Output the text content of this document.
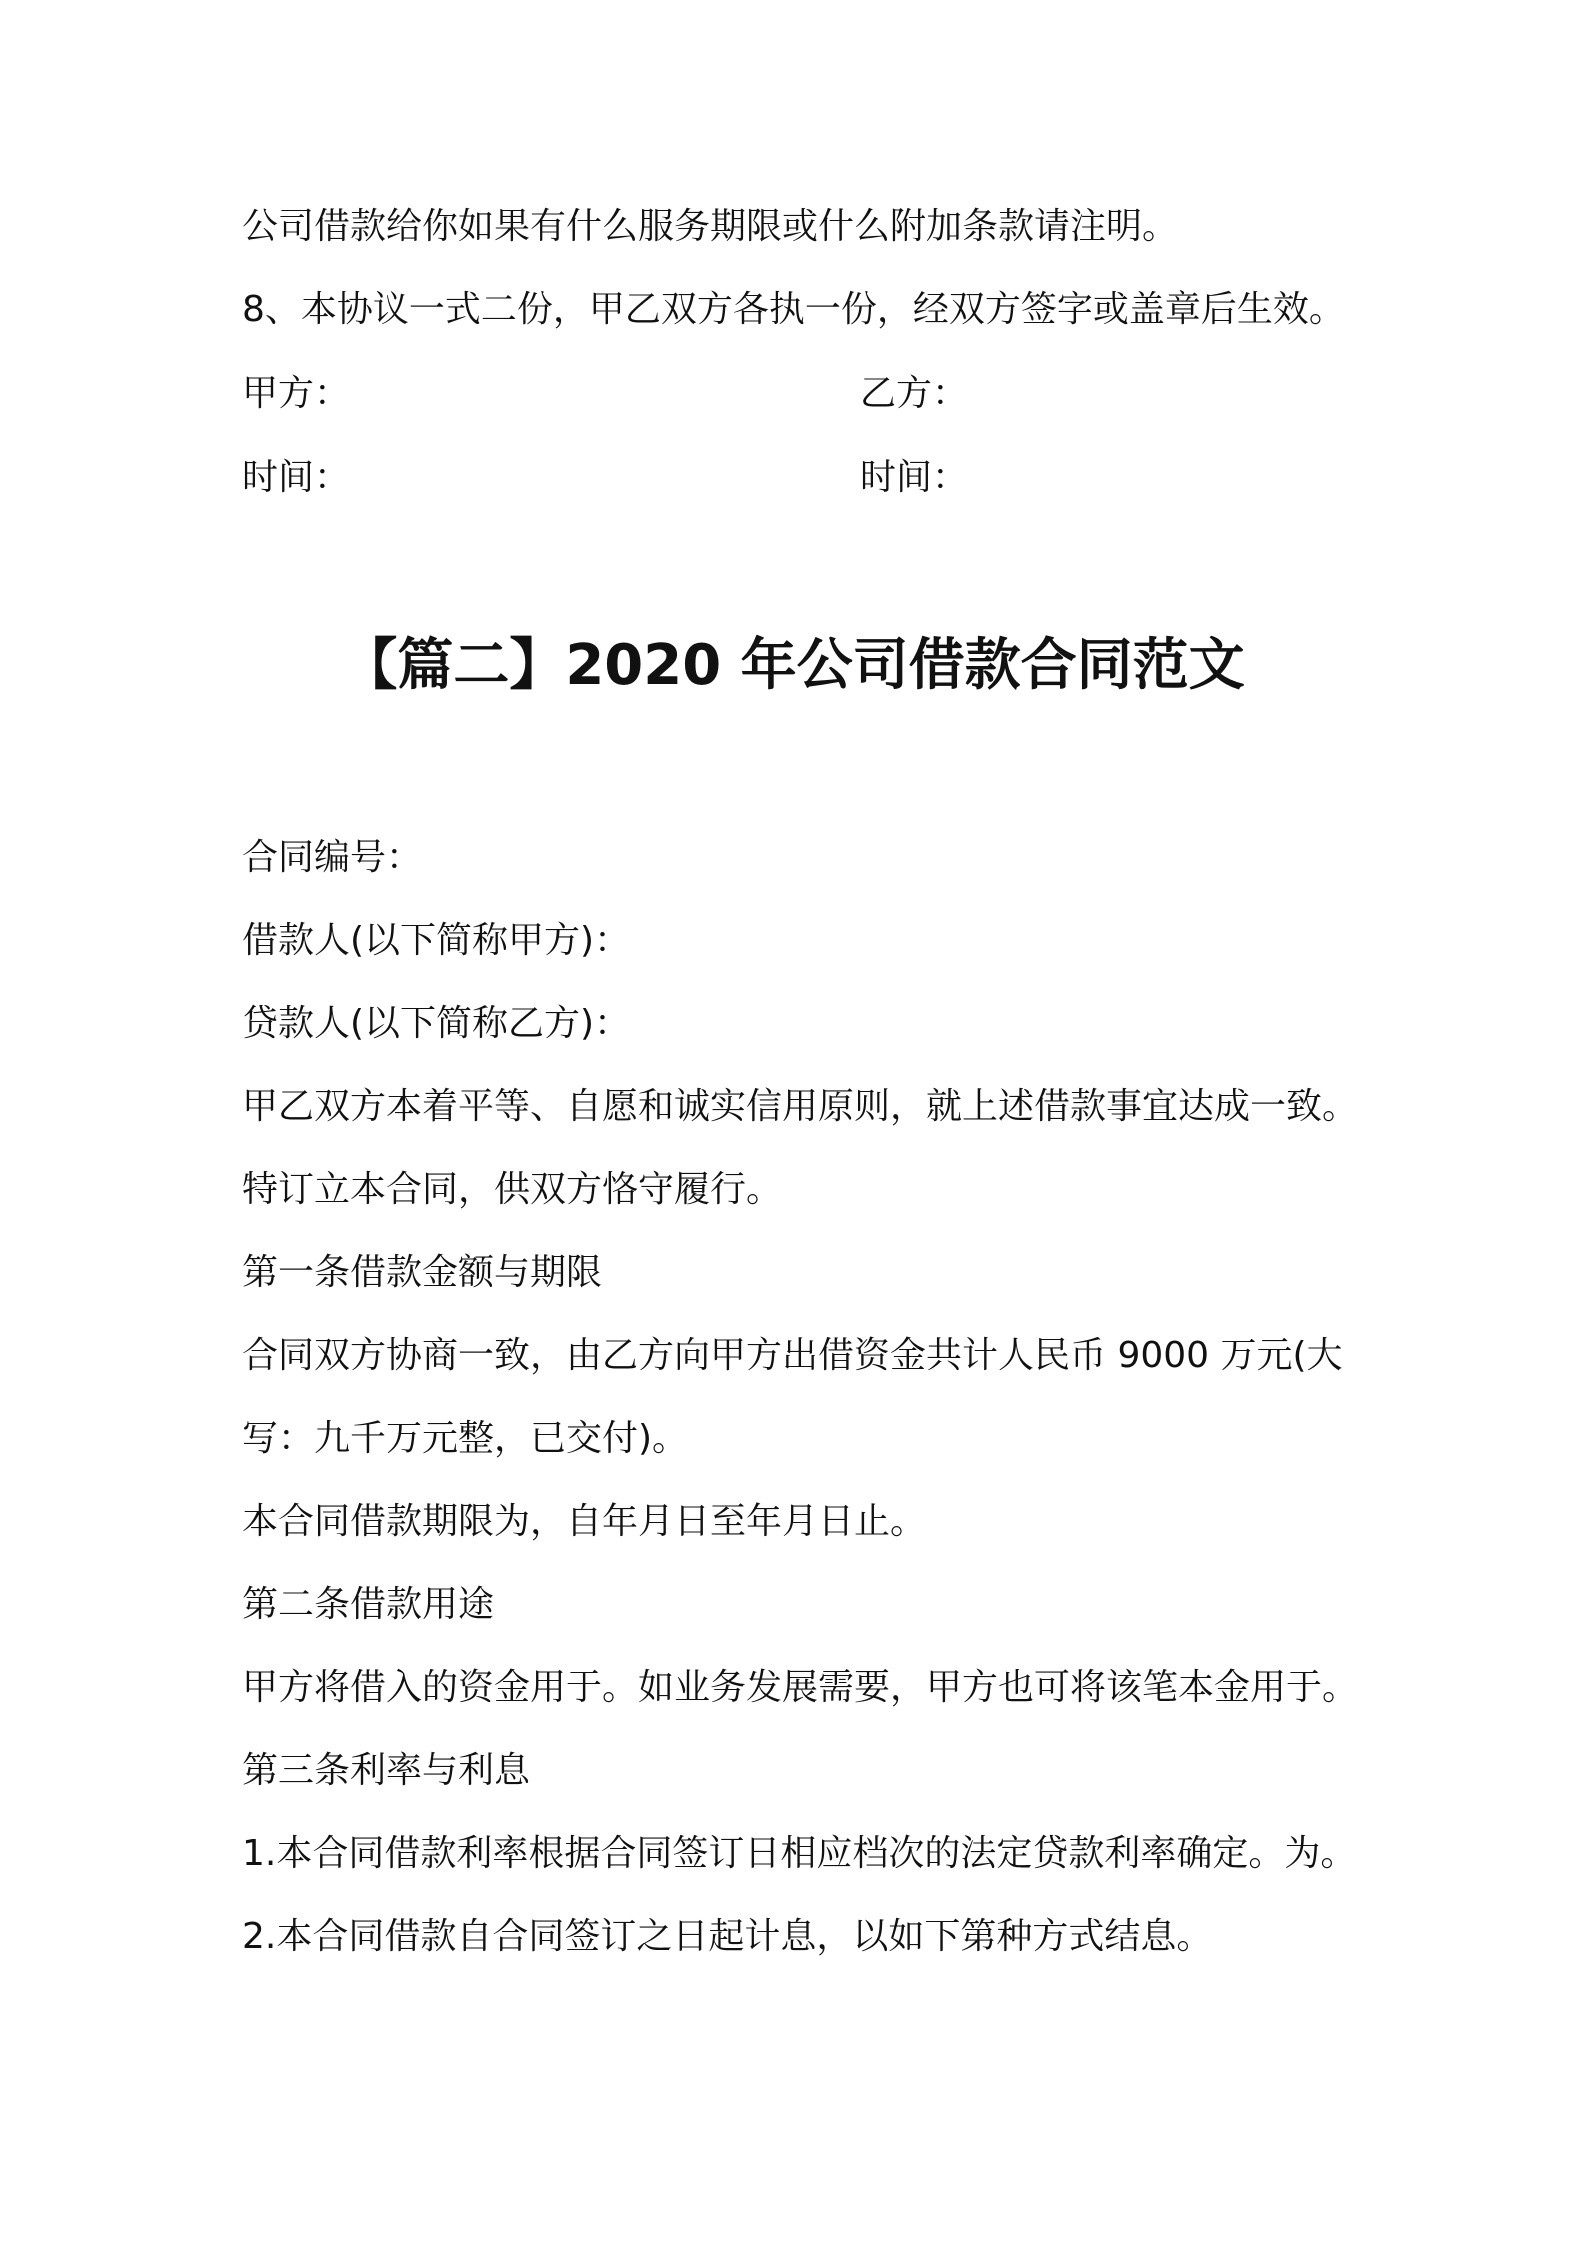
公司借款给你如果有什么服务期限或什么附加条款请注明。
8、本协议一式二份，甲乙双方各执一份，经双方签字或盖章后生效。
甲方：	乙方：
时间：	时间：
【篇二】2020 年公司借款合同范文
合同编号：
借款人(以下简称甲方)：
贷款人(以下简称乙方)：
甲乙双方本着平等、自愿和诚实信用原则，就上述借款事宜达成一致。
特订立本合同，供双方恪守履行。
第一条借款金额与期限
合同双方协商一致，由乙方向甲方出借资金共计人民币 9000 万元(大
写：九千万元整，已交付)。
本合同借款期限为，自年月日至年月日止。
第二条借款用途
甲方将借入的资金用于。如业务发展需要，甲方也可将该笔本金用于。
第三条利率与利息
1.本合同借款利率根据合同签订日相应档次的法定贷款利率确定。为。
2.本合同借款自合同签订之日起计息，以如下第种方式结息。
